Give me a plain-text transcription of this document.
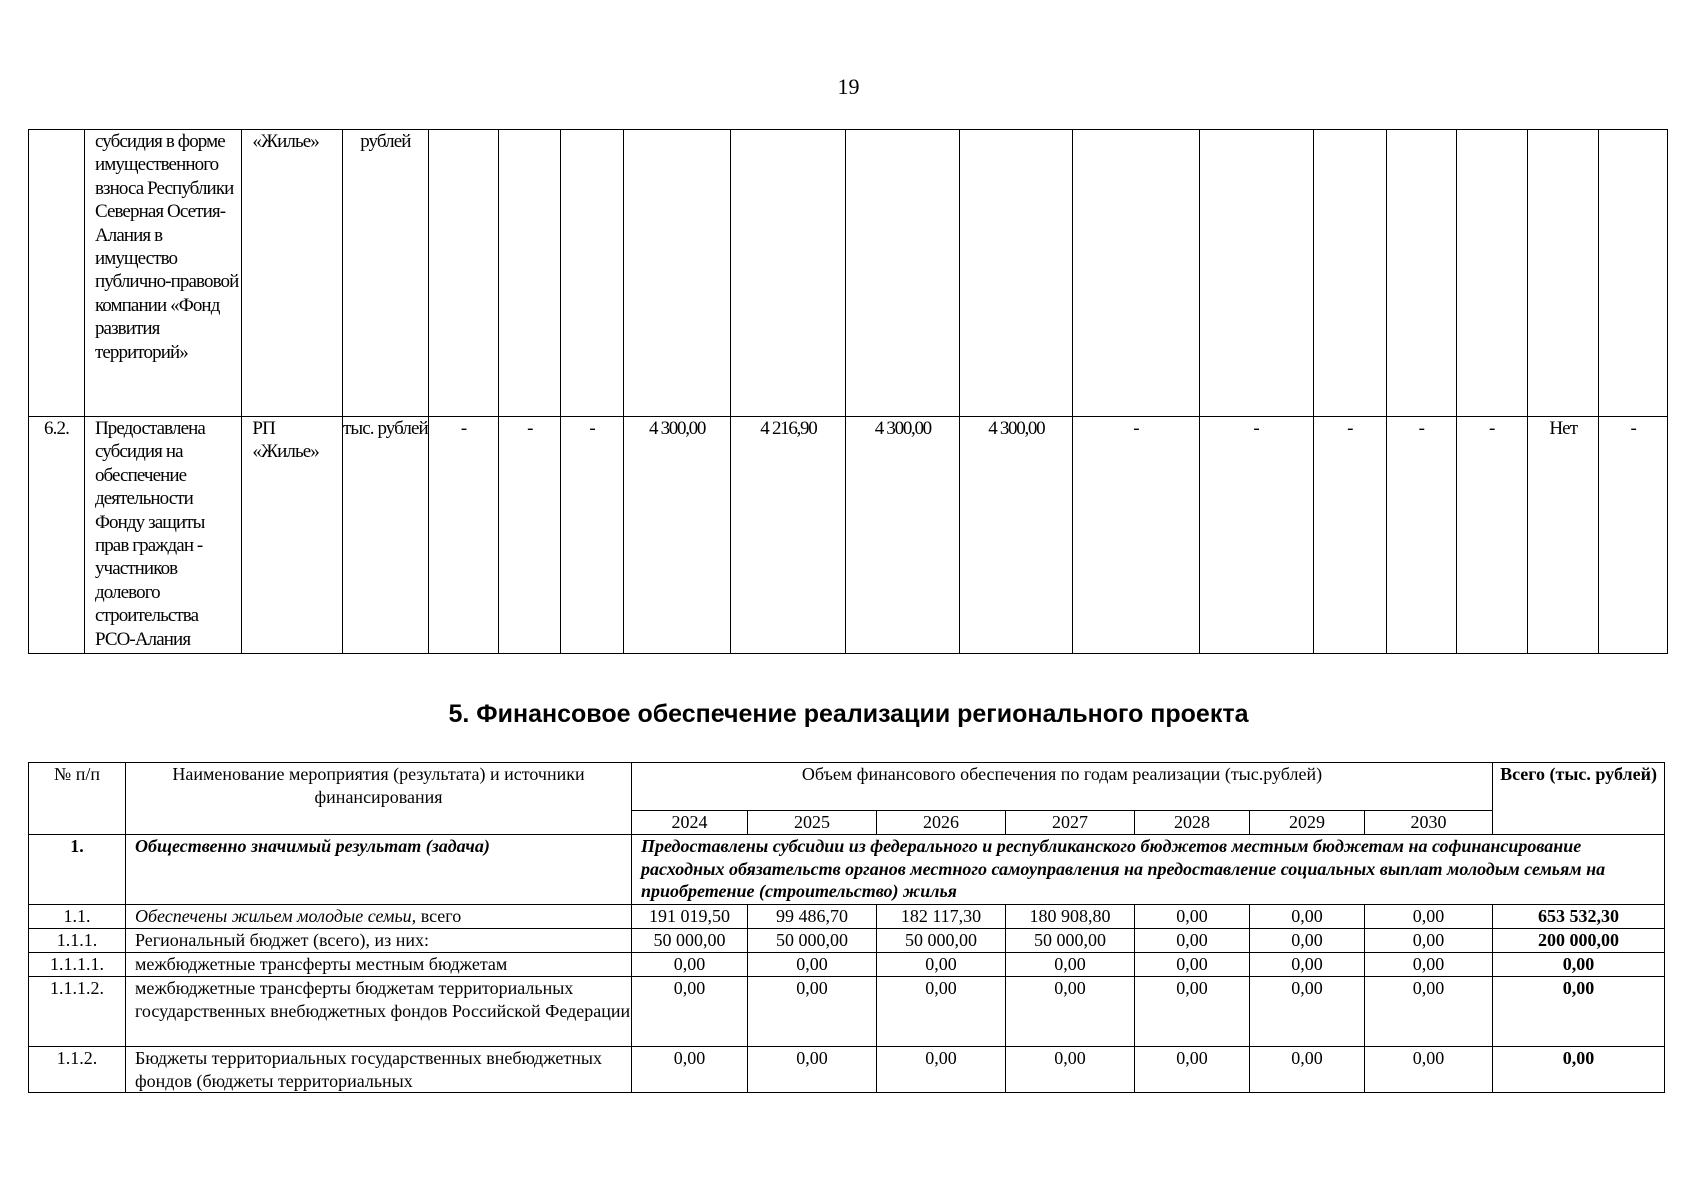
19
	субсидия в форме имущественного взноса Республики Северная Осетия-Алания в имущество публично-правовой компании «Фонд развития территорий»	«Жилье»	рублей														
6.2.	Предоставлена субсидия на обеспечение деятельности Фонду защиты прав граждан - участников долевого строительства РСО-Алания	РП «Жилье»	тыс. рублей	-	-	-	4 300,00	4 216,90	4 300,00	4 300,00	-	-	-	-	-	Нет	-
5. Финансовое обеспечение реализации регионального проекта
№ п/п	Наименование мероприятия (результата) и источники финансирования	Объем финансового обеспечения по годам реализации (тыс.рублей)							Всего (тыс. рублей)
		2024	2025	2026	2027	2028	2029	2030	
1.	Общественно значимый результат (задача)	Предоставлены субсидии из федерального и республиканского бюджетов местным бюджетам на софинансирование расходных обязательств органов местного самоуправления на предоставление социальных выплат молодым семьям на приобретение (строительство) жилья							
1.1.	Обеспечены жильем молодые семьи, всего	191 019,50	99 486,70	182 117,30	180 908,80	0,00	0,00	0,00	653 532,30
1.1.1.	Региональный бюджет (всего), из них:	50 000,00	50 000,00	50 000,00	50 000,00	0,00	0,00	0,00	200 000,00
1.1.1.1.	межбюджетные трансферты местным бюджетам	0,00	0,00	0,00	0,00	0,00	0,00	0,00	0,00
1.1.1.2.	межбюджетные трансферты бюджетам территориальных государственных внебюджетных фондов Российской Федерации	0,00	0,00	0,00	0,00	0,00	0,00	0,00	0,00
1.1.2.	Бюджеты территориальных государственных внебюджетных фондов (бюджеты территориальных	0,00	0,00	0,00	0,00	0,00	0,00	0,00	0,00
